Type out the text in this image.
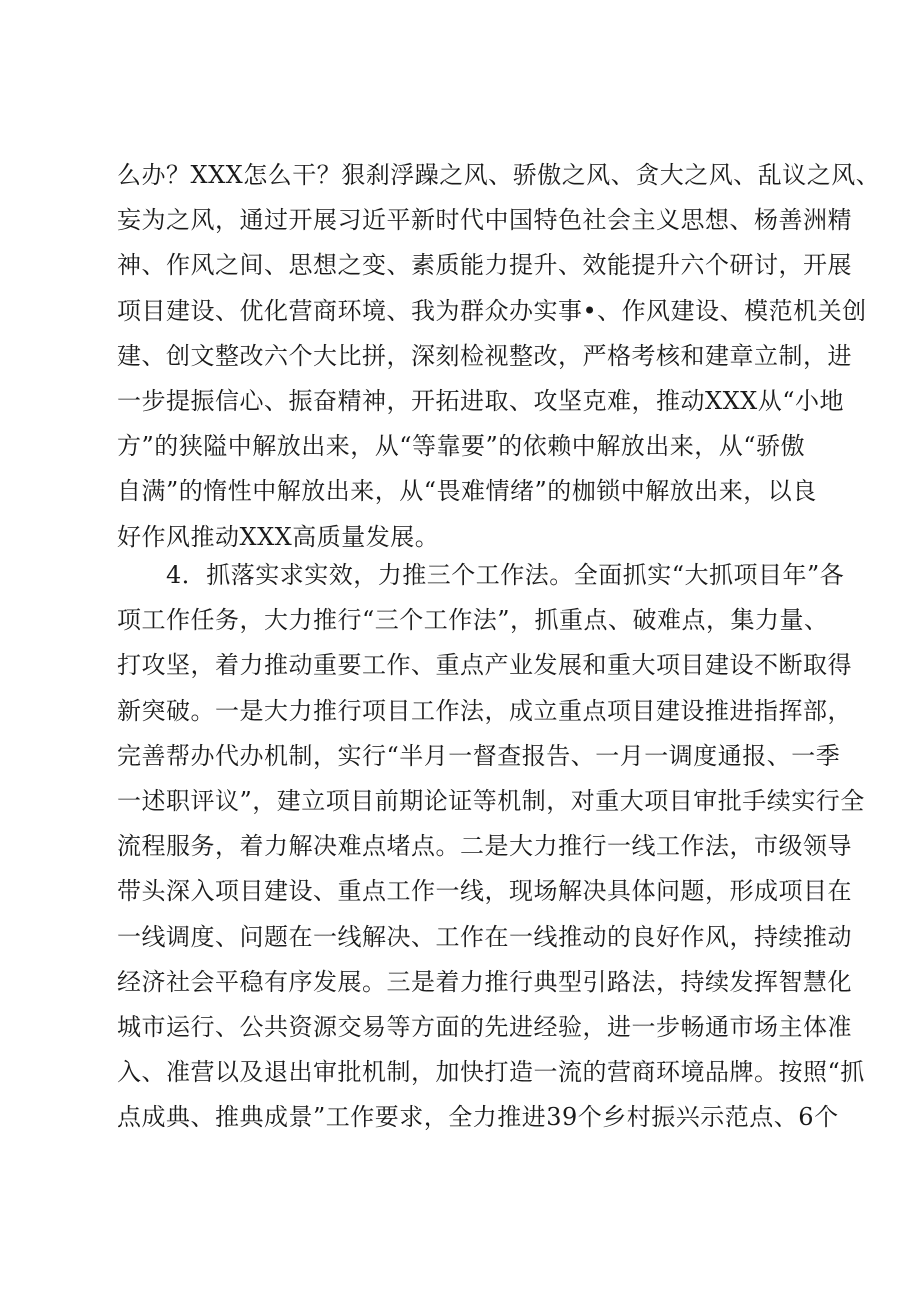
么办？XXX怎么干？狠刹浮躁之风、骄傲之风、贪大之风、乱议之风、
妄为之风，通过开展习近平新时代中国特色社会主义思想、杨善洲精
神、作风之间、思想之变、素质能力提升、效能提升六个研讨，开展
项目建设、优化营商环境、我为群众办实事•、作风建设、模范机关创
建、创文整改六个大比拼，深刻检视整改，严格考核和建章立制，进
一步提振信心、振奋精神，开拓进取、攻坚克难，推动XXX从“小地
方”的狭隘中解放出来，从“等靠要”的依赖中解放出来，从“骄傲
自满”的惰性中解放出来，从“畏难情绪”的枷锁中解放出来，以良
好作风推动XXX高质量发展。
　　4．抓落实求实效，力推三个工作法。全面抓实“大抓项目年”各
项工作任务，大力推行“三个工作法”，抓重点、破难点，集力量、
打攻坚，着力推动重要工作、重点产业发展和重大项目建设不断取得
新突破。一是大力推行项目工作法，成立重点项目建设推进指挥部，
完善帮办代办机制，实行“半月一督查报告、一月一调度通报、一季
一述职评议”，建立项目前期论证等机制，对重大项目审批手续实行全
流程服务，着力解决难点堵点。二是大力推行一线工作法，市级领导
带头深入项目建设、重点工作一线，现场解决具体问题，形成项目在
一线调度、问题在一线解决、工作在一线推动的良好作风，持续推动
经济社会平稳有序发展。三是着力推行典型引路法，持续发挥智慧化
城市运行、公共资源交易等方面的先进经验，进一步畅通市场主体准
入、准营以及退出审批机制，加快打造一流的营商环境品牌。按照“抓
点成典、推典成景”工作要求，全力推进39个乡村振兴示范点、6个
